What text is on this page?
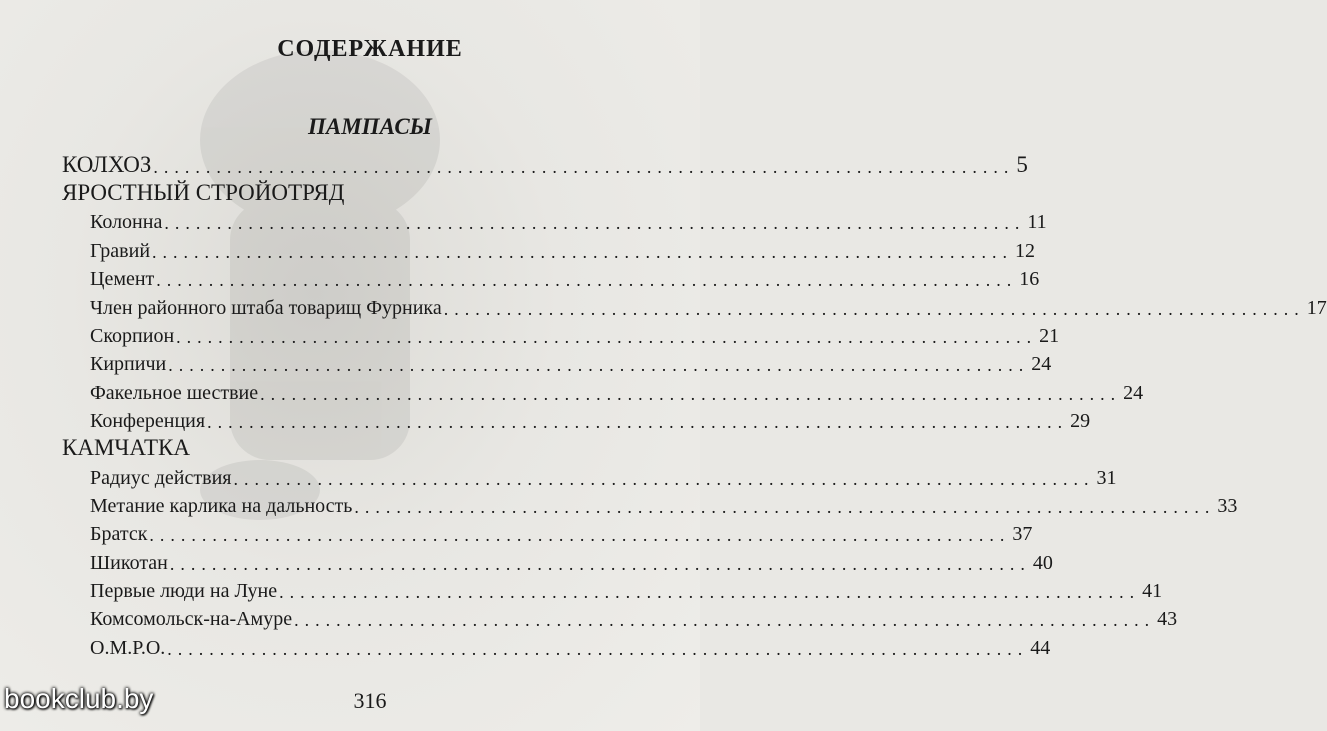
СОДЕРЖАНИЕ
ПАМПАСЫ
КОЛХОЗ .................................................................................. 5
ЯРОСТНЫЙ СТРОЙОТРЯД
Колонна .................................................................................. 11
Гравий .................................................................................. 12
Цемент .................................................................................. 16
Член районного штаба товарищ Фурника .................................................................................. 17
Скорпион .................................................................................. 21
Кирпичи .................................................................................. 24
Факельное шествие .................................................................................. 24
Конференция .................................................................................. 29
КАМЧАТКА
Радиус действия .................................................................................. 31
Метание карлика на дальность .................................................................................. 33
Братск .................................................................................. 37
Шикотан .................................................................................. 40
Первые люди на Луне .................................................................................. 41
Комсомольск-на-Амуре .................................................................................. 43
О.М.Р.О. .................................................................................. 44
316
bookclub.by
